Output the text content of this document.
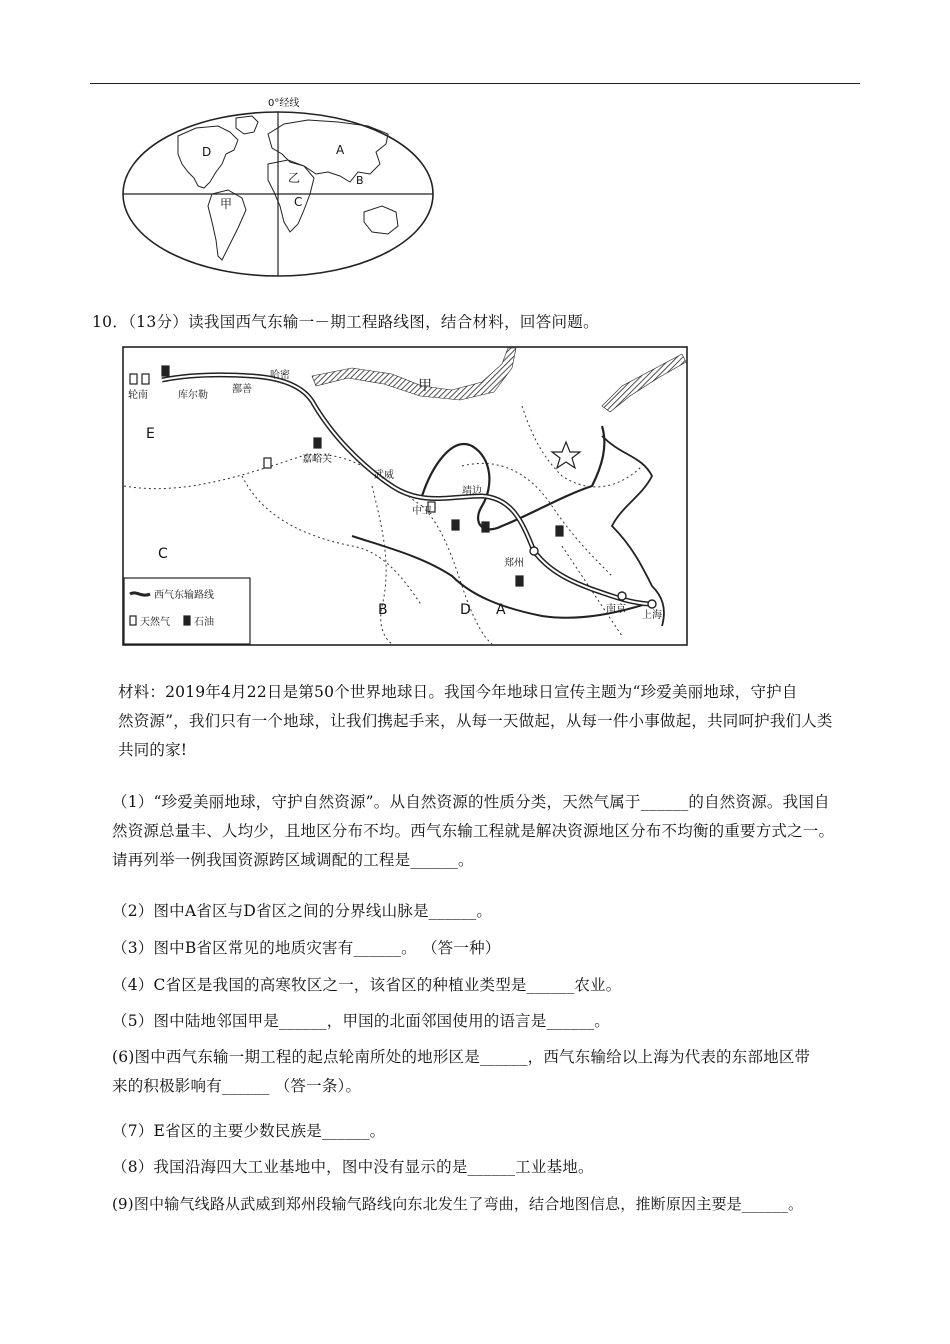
0°经线
D	A
乙	B
甲	C
10．（13分）读我国西气东输一－期工程路线图，结合材料，回答问题。
轮南	库尔勒
鄯善
哈密
嘉峪关
武威
中卫
靖边
郑州
南京
上海
甲
E
C
B	D A
西气东输路线
天然气 石油
材料：2019年4月22日是第50个世界地球日。我国今年地球日宣传主题为“珍爱美丽地球，守护自
然资源”，我们只有一个地球，让我们携起手来，从每一天做起，从每一件小事做起，共同呵护我们人类
共同的家!
（1）“珍爱美丽地球，守护自然资源”。从自然资源的性质分类，天然气属于______的自然资源。我国自
然资源总量丰、人均少，且地区分布不均。西气东输工程就是解决资源地区分布不均衡的重要方式之一。
请再列举一例我国资源跨区域调配的工程是______。
（2）图中A省区与D省区之间的分界线山脉是______。
（3）图中B省区常见的地质灾害有______。 （答一种）
（4）C省区是我国的高寒牧区之一，该省区的种植业类型是______农业。
（5）图中陆地邻国甲是______，甲国的北面邻国使用的语言是______。
(6)图中西气东输一期工程的起点轮南所处的地形区是______，西气东输给以上海为代表的东部地区带
来的积极影响有______ （答一条）。
（7）E省区的主要少数民族是______。
（8）我国沿海四大工业基地中，图中没有显示的是______工业基地。
(9)图中输气线路从武威到郑州段输气路线向东北发生了弯曲，结合地图信息，推断原因主要是______。
